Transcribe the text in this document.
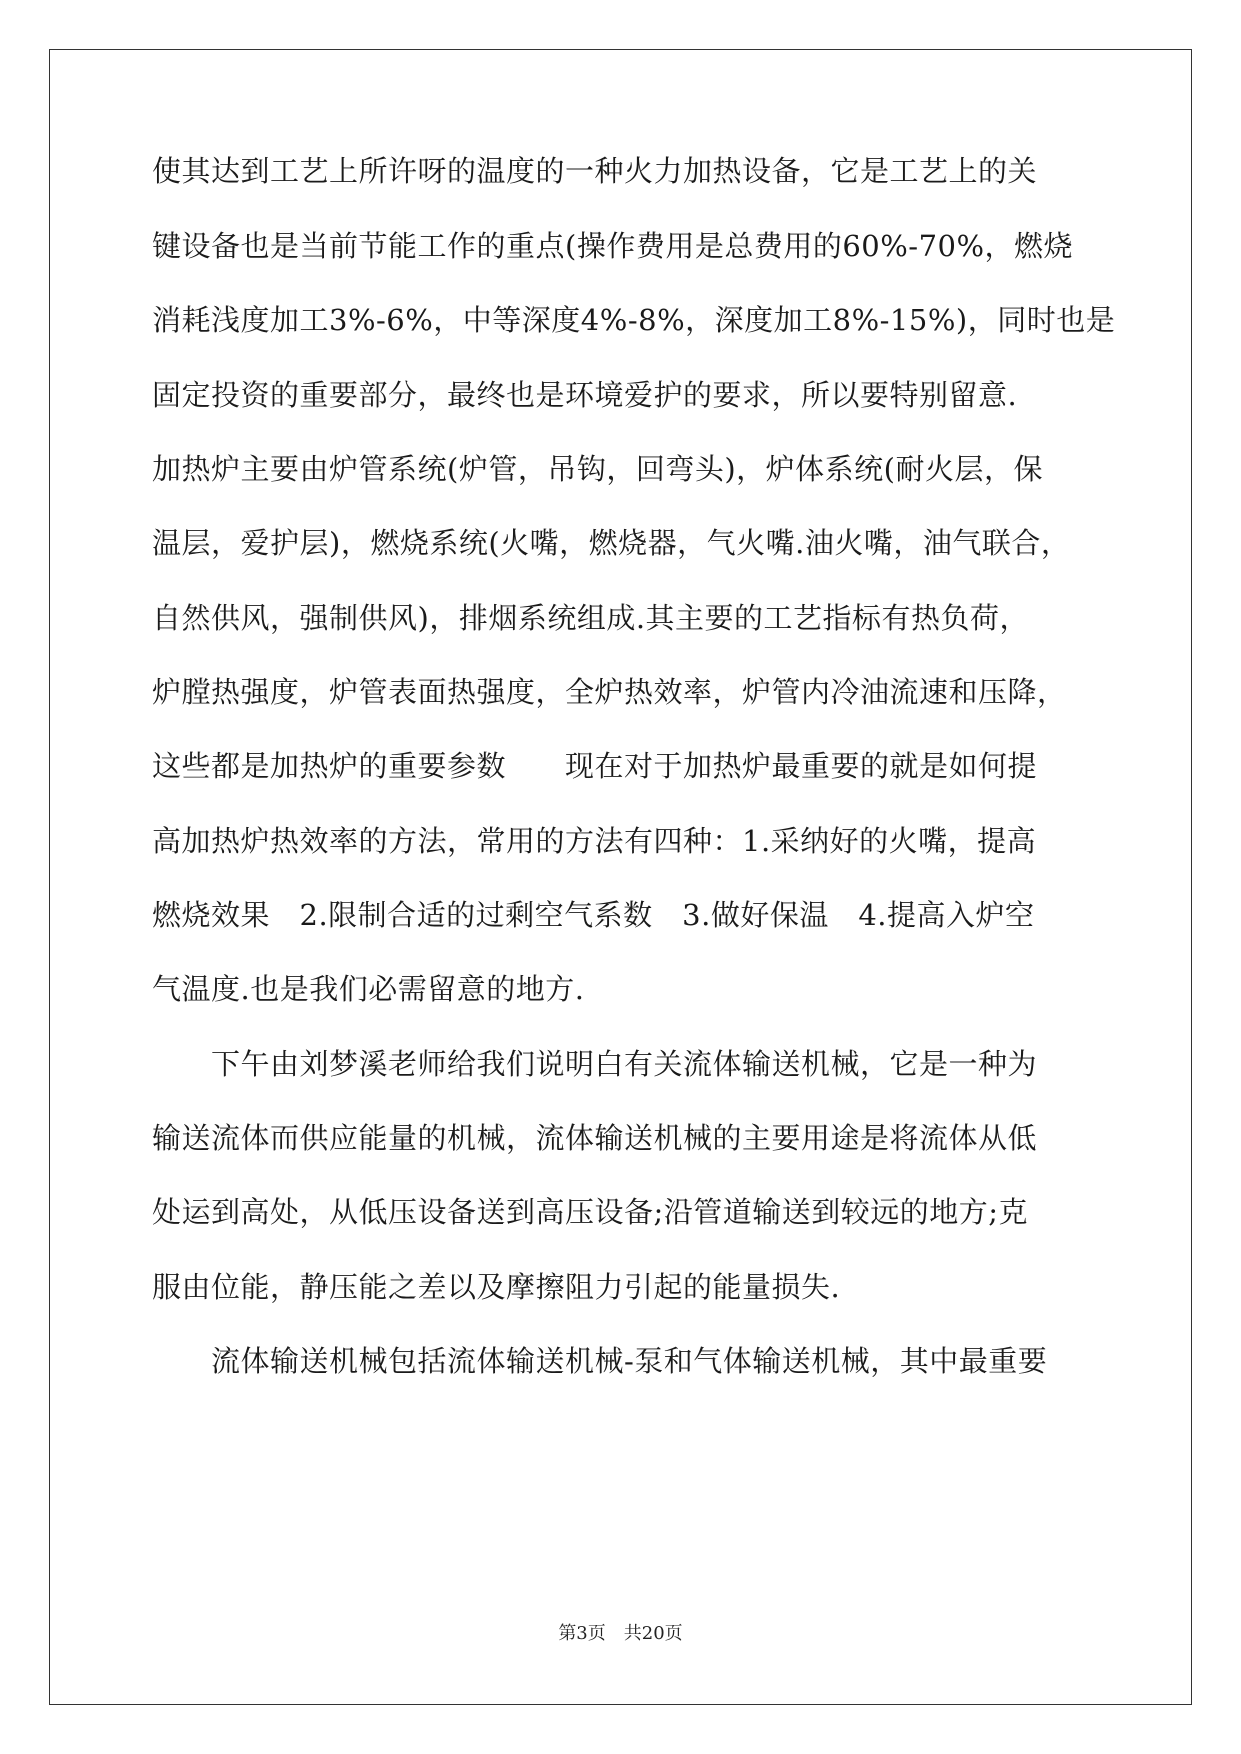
使其达到工艺上所许呀的温度的一种火力加热设备，它是工艺上的关
键设备也是当前节能工作的重点(操作费用是总费用的60%-70%，燃烧
消耗浅度加工3%-6%，中等深度4%-8%，深度加工8%-15%)，同时也是
固定投资的重要部分，最终也是环境爱护的要求，所以要特别留意.
加热炉主要由炉管系统(炉管，吊钩，回弯头)，炉体系统(耐火层，保
温层，爱护层)，燃烧系统(火嘴，燃烧器，气火嘴.油火嘴，油气联合，
自然供风，强制供风)，排烟系统组成.其主要的工艺指标有热负荷，
炉膛热强度，炉管表面热强度，全炉热效率，炉管内冷油流速和压降，
这些都是加热炉的重要参数　　现在对于加热炉最重要的就是如何提
高加热炉热效率的方法，常用的方法有四种：1.采纳好的火嘴，提高
燃烧效果　2.限制合适的过剩空气系数　3.做好保温　4.提高入炉空
气温度.也是我们必需留意的地方.
　　下午由刘梦溪老师给我们说明白有关流体输送机械，它是一种为
输送流体而供应能量的机械，流体输送机械的主要用途是将流体从低
处运到高处，从低压设备送到高压设备;沿管道输送到较远的地方;克
服由位能，静压能之差以及摩擦阻力引起的能量损失.
　　流体输送机械包括流体输送机械-泵和气体输送机械，其中最重要
第3页　共20页
